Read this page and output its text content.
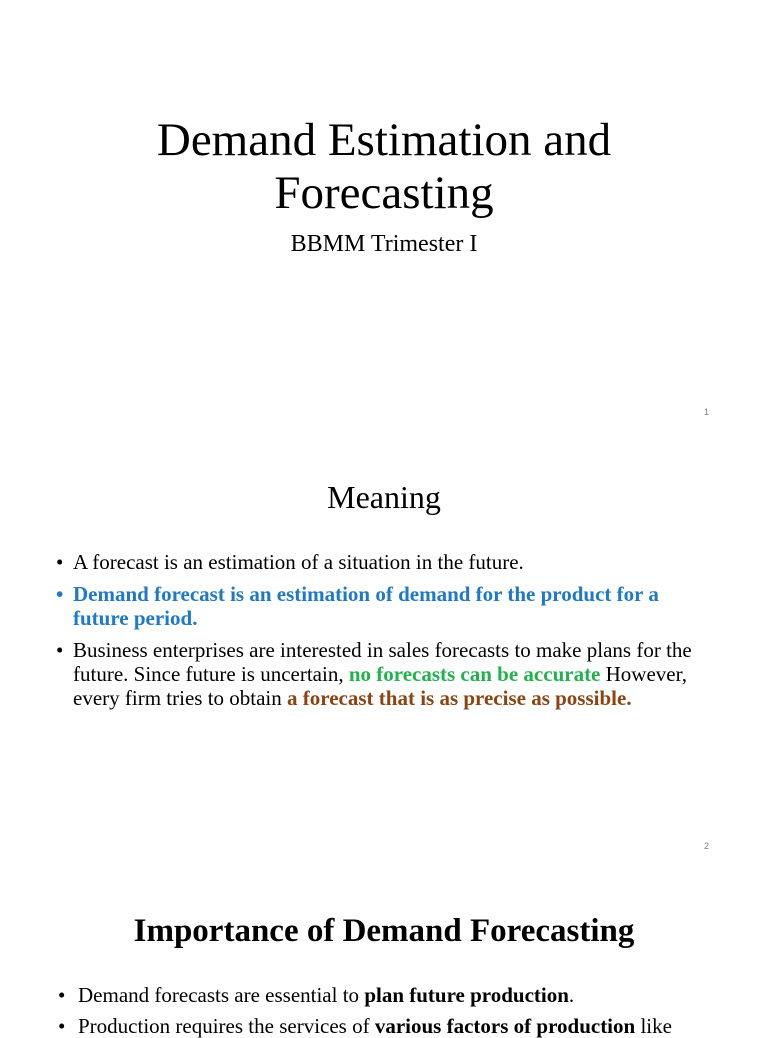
Demand Estimation and
Forecasting
BBMM Trimester I
1
Meaning
• A forecast is an estimation of a situation in the future.
• Demand forecast is an estimation of demand for the product for a future period.
• Business enterprises are interested in sales forecasts to make plans for the future. Since future is uncertain, no forecasts can be accurate However, every firm tries to obtain a forecast that is as precise as possible.
2
Importance of Demand Forecasting
• Demand forecasts are essential to plan future production.
• Production requires the services of various factors of production like
